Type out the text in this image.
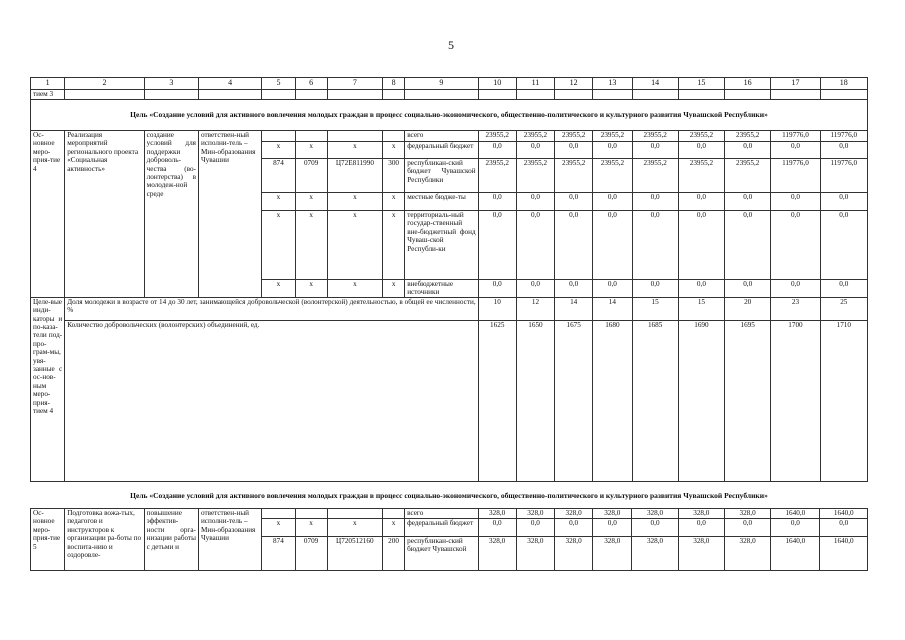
5
1	2	3	4	5	6	7	8	9	10	11	12	13	14	15	16	17	18
тием 3																	
Цель «Создание условий для активного вовлечения молодых граждан в процесс социально-экономического, общественно-политического и культурного развития Чувашской Республики»																	
Ос-новное меро-прия-тие 4	Реализация мероприятий регионального проекта «Социальная активность»	создание условий для поддержки доброволь-чества (во-лонтерства) в молодеж-ной среде	ответствен-ный исполни-тель – Мин-образования Чувашии					всего	23955,2	23955,2	23955,2	23955,2	23955,2	23955,2	23955,2	119776,0	119776,0
				x	x	x	x	федеральный бюджет	0,0	0,0	0,0	0,0	0,0	0,0	0,0	0,0	0,0
				874	0709	Ц72E811990	300	республикан-ский бюджет Чувашской Республики	23955,2	23955,2	23955,2	23955,2	23955,2	23955,2	23955,2	119776,0	119776,0
				x	x	x	x	местные бюдже-ты	0,0	0,0	0,0	0,0	0,0	0,0	0,0	0,0	0,0
				x	x	x	x	территориаль-ный государ-ственный вне-бюджетный фонд Чуваш-ской Республи-ки	0,0	0,0	0,0	0,0	0,0	0,0	0,0	0,0	0,0
				x	x	x	x	внебюджетные источники	0,0	0,0	0,0	0,0	0,0	0,0	0,0	0,0	0,0
Целе-вые инди-каторы и по-каза-тели под-про-грам-мы, увя-занные с ос-нов-ным меро-прия-тием 4	Доля молодежи в возрасте от 14 до 30 лет, занимающейся добровольческой (волонтерской) деятельностью, в общей ее численности, %								10	12	14	14	15	15	20	23	25
	Количество добровольческих (волонтерских) объединений, ед.								1625	1650	1675	1680	1685	1690	1695	1700	1710
Цель «Создание условий для активного вовлечения молодых граждан в процесс социально-экономического, общественно-политического и культурного развития Чувашской Республики»																	
Ос-новное меро-прия-тие 5	Подготовка вожа-тых, педагогов и инструкторов к организации ра-боты по воспита-нию и оздоровле-	повышение эффектив-ности орга-низации работы с детьми и	ответствен-ный исполни-тель – Мин-образования Чувашии					всего	328,0	328,0	328,0	328,0	328,0	328,0	328,0	1640,0	1640,0
				x	x	x	x	федеральный бюджет	0,0	0,0	0,0	0,0	0,0	0,0	0,0	0,0	0,0
				874	0709	Ц720512160	200	республикан-ский бюджет Чувашской	328,0	328,0	328,0	328,0	328,0	328,0	328,0	1640,0	1640,0
